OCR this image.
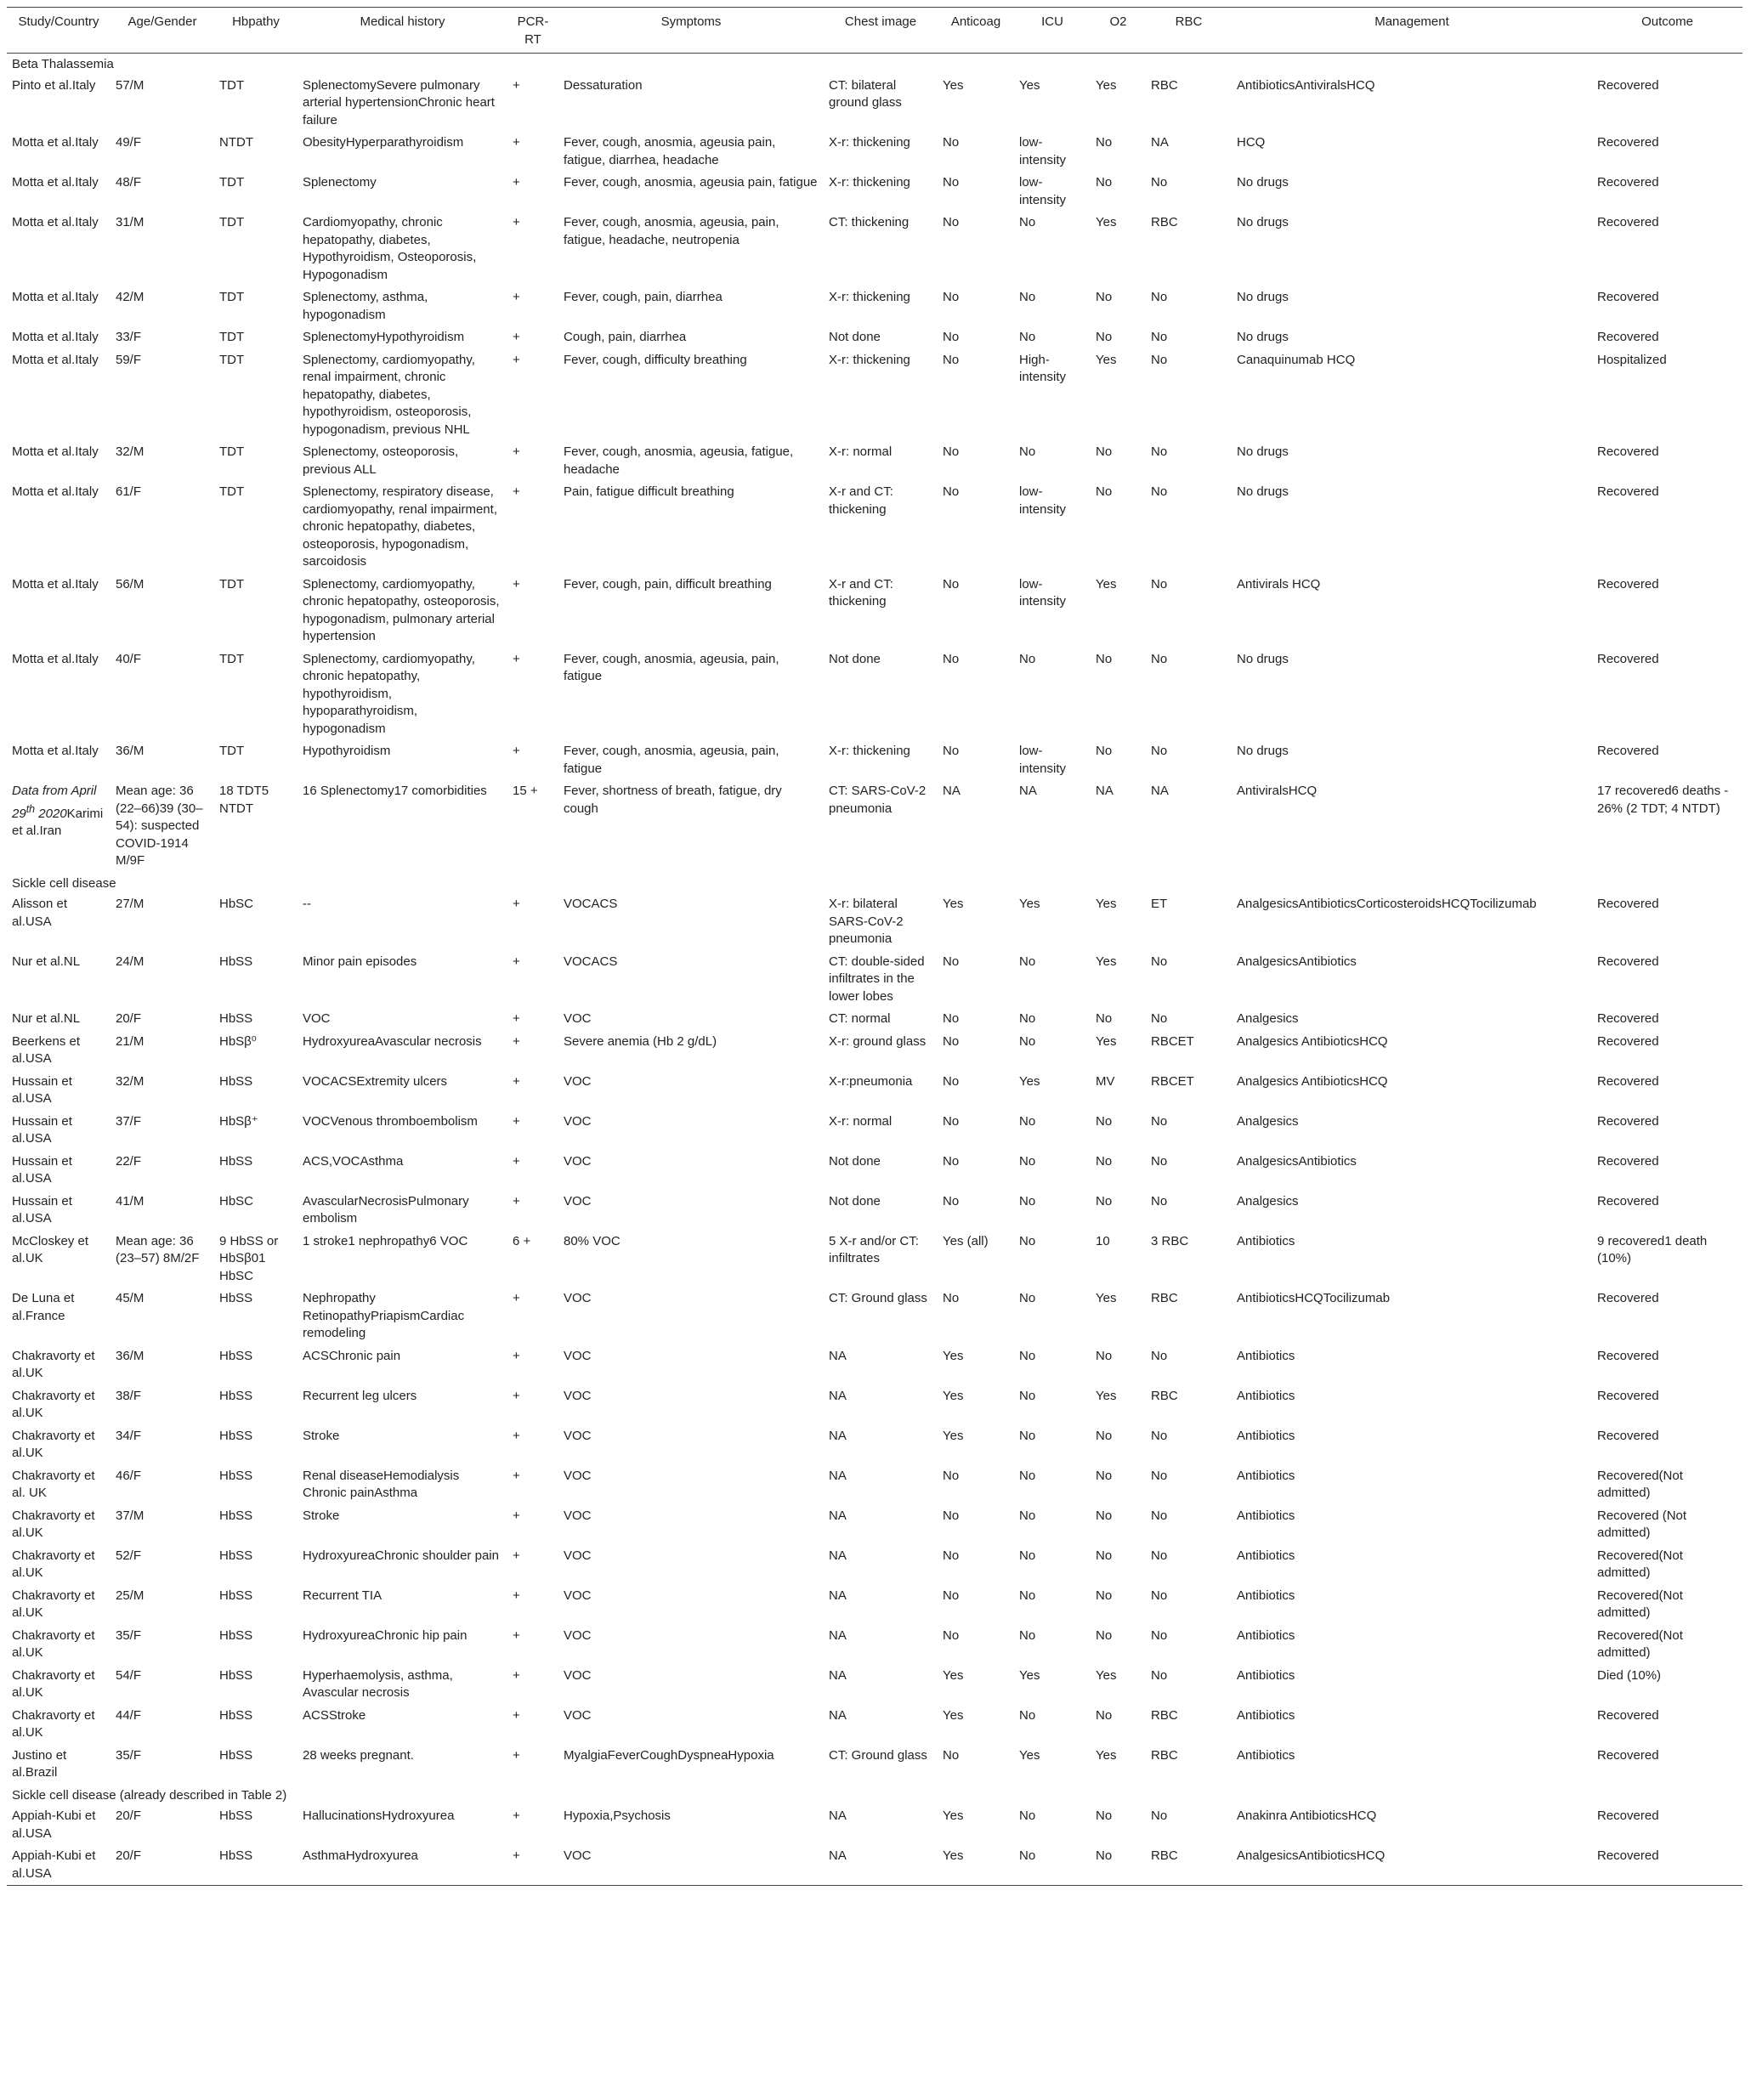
Study/Country	Age/Gender	Hbpathy	Medical history	PCR-RT	Symptoms	Chest image	Anticoag	ICU	O2	RBC	Management	Outcome
Beta Thalassemia												
Pinto et al.Italy	57/M	TDT	SplenectomySevere pulmonary arterial hypertensionChronic heart failure	+	Dessaturation	CT: bilateral ground glass	Yes	Yes	Yes	RBC	AntibioticsAntiviralsHCQ	Recovered
Motta et al.Italy	49/F	NTDT	ObesityHyperparathyroidism	+	Fever, cough, anosmia, ageusia pain, fatigue, diarrhea, headache	X-r: thickening	No	low-intensity	No	NA	HCQ	Recovered
Motta et al.Italy	48/F	TDT	Splenectomy	+	Fever, cough, anosmia, ageusia pain, fatigue	X-r: thickening	No	low-intensity	No	No	No drugs	Recovered
Motta et al.Italy	31/M	TDT	Cardiomyopathy, chronic hepatopathy, diabetes, Hypothyroidism, Osteoporosis, Hypogonadism	+	Fever, cough, anosmia, ageusia, pain, fatigue, headache, neutropenia	CT: thickening	No	No	Yes	RBC	No drugs	Recovered
Motta et al.Italy	42/M	TDT	Splenectomy, asthma, hypogonadism	+	Fever, cough, pain, diarrhea	X-r: thickening	No	No	No	No	No drugs	Recovered
Motta et al.Italy	33/F	TDT	SplenectomyHypothyroidism	+	Cough, pain, diarrhea	Not done	No	No	No	No	No drugs	Recovered
Motta et al.Italy	59/F	TDT	Splenectomy, cardiomyopathy, renal impairment, chronic hepatopathy, diabetes, hypothyroidism, osteoporosis, hypogonadism, previous NHL	+	Fever, cough, difficulty breathing	X-r: thickening	No	High-intensity	Yes	No	Canaquinumab HCQ	Hospitalized
Motta et al.Italy	32/M	TDT	Splenectomy, osteoporosis, previous ALL	+	Fever, cough, anosmia, ageusia, fatigue, headache	X-r: normal	No	No	No	No	No drugs	Recovered
Motta et al.Italy	61/F	TDT	Splenectomy, respiratory disease, cardiomyopathy, renal impairment, chronic hepatopathy, diabetes, osteoporosis, hypogonadism, sarcoidosis	+	Pain, fatigue difficult breathing	X-r and CT: thickening	No	low-intensity	No	No	No drugs	Recovered
Motta et al.Italy	56/M	TDT	Splenectomy, cardiomyopathy, chronic hepatopathy, osteoporosis, hypogonadism, pulmonary arterial hypertension	+	Fever, cough, pain, difficult breathing	X-r and CT: thickening	No	low-intensity	Yes	No	Antivirals HCQ	Recovered
Motta et al.Italy	40/F	TDT	Splenectomy, cardiomyopathy, chronic hepatopathy, hypothyroidism, hypoparathyroidism, hypogonadism	+	Fever, cough, anosmia, ageusia, pain, fatigue	Not done	No	No	No	No	No drugs	Recovered
Motta et al.Italy	36/M	TDT	Hypothyroidism	+	Fever, cough, anosmia, ageusia, pain, fatigue	X-r: thickening	No	low-intensity	No	No	No drugs	Recovered
Data from April 29th 2020Karimi et al.Iran	Mean age: 36 (22–66)39 (30–54): suspected COVID-1914 M/9F	18 TDT5 NTDT	16 Splenectomy17 comorbidities	15 +	Fever, shortness of breath, fatigue, dry cough	CT: SARS-CoV-2 pneumonia	NA	NA	NA	NA	AntiviralsHCQ	17 recovered6 deaths - 26% (2 TDT; 4 NTDT)
Sickle cell disease												
Alisson et al.USA	27/M	HbSC	--	+	VOCACS	X-r: bilateral SARS-CoV-2 pneumonia	Yes	Yes	Yes	ET	AnalgesicsAntibioticsCorticosteroidsHCQTocilizumab	Recovered
Nur et al.NL	24/M	HbSS	Minor pain episodes	+	VOCACS	CT: double-sided infiltrates in the lower lobes	No	No	Yes	No	AnalgesicsAntibiotics	Recovered
Nur et al.NL	20/F	HbSS	VOC	+	VOC	CT: normal	No	No	No	No	Analgesics	Recovered
Beerkens et al.USA	21/M	HbSβ⁰	HydroxyureaAvascular necrosis	+	Severe anemia (Hb 2 g/dL)	X-r: ground glass	No	No	Yes	RBCET	Analgesics AntibioticsHCQ	Recovered
Hussain et al.USA	32/M	HbSS	VOCACSExtremity ulcers	+	VOC	X-r:pneumonia	No	Yes	MV	RBCET	Analgesics AntibioticsHCQ	Recovered
Hussain et al.USA	37/F	HbSβ⁺	VOCVenous thromboembolism	+	VOC	X-r: normal	No	No	No	No	Analgesics	Recovered
Hussain et al.USA	22/F	HbSS	ACS,VOCAsthma	+	VOC	Not done	No	No	No	No	AnalgesicsAntibiotics	Recovered
Hussain et al.USA	41/M	HbSC	AvascularNecrosisPulmonary embolism	+	VOC	Not done	No	No	No	No	Analgesics	Recovered
McCloskey et al.UK	Mean age: 36 (23–57) 8M/2F	9 HbSS or HbSβ01 HbSC	1 stroke1 nephropathy6 VOC	6 +	80% VOC	5 X-r and/or CT: infiltrates	Yes (all)	No	10	3 RBC	Antibiotics	9 recovered1 death (10%)
De Luna et al.France	45/M	HbSS	Nephropathy RetinopathyPriapismCardiac remodeling	+	VOC	CT: Ground glass	No	No	Yes	RBC	AntibioticsHCQTocilizumab	Recovered
Chakravorty et al.UK	36/M	HbSS	ACSChronic pain	+	VOC	NA	Yes	No	No	No	Antibiotics	Recovered
Chakravorty et al.UK	38/F	HbSS	Recurrent leg ulcers	+	VOC	NA	Yes	No	Yes	RBC	Antibiotics	Recovered
Chakravorty et al.UK	34/F	HbSS	Stroke	+	VOC	NA	Yes	No	No	No	Antibiotics	Recovered
Chakravorty et al. UK	46/F	HbSS	Renal diseaseHemodialysis Chronic painAsthma	+	VOC	NA	No	No	No	No	Antibiotics	Recovered(Not admitted)
Chakravorty et al.UK	37/M	HbSS	Stroke	+	VOC	NA	No	No	No	No	Antibiotics	Recovered (Not admitted)
Chakravorty et al.UK	52/F	HbSS	HydroxyureaChronic shoulder pain	+	VOC	NA	No	No	No	No	Antibiotics	Recovered(Not admitted)
Chakravorty et al.UK	25/M	HbSS	Recurrent TIA	+	VOC	NA	No	No	No	No	Antibiotics	Recovered(Not admitted)
Chakravorty et al.UK	35/F	HbSS	HydroxyureaChronic hip pain	+	VOC	NA	No	No	No	No	Antibiotics	Recovered(Not admitted)
Chakravorty et al.UK	54/F	HbSS	Hyperhaemolysis, asthma, Avascular necrosis	+	VOC	NA	Yes	Yes	Yes	No	Antibiotics	Died (10%)
Chakravorty et al.UK	44/F	HbSS	ACSStroke	+	VOC	NA	Yes	No	No	RBC	Antibiotics	Recovered
Justino et al.Brazil	35/F	HbSS	28 weeks pregnant.	+	MyalgiaFeverCoughDyspneaHypoxia	CT: Ground glass	No	Yes	Yes	RBC	Antibiotics	Recovered
Sickle cell disease (already described in Table 2)												
Appiah-Kubi et al.USA	20/F	HbSS	HallucinationsHydroxyurea	+	Hypoxia,Psychosis	NA	Yes	No	No	No	Anakinra AntibioticsHCQ	Recovered
Appiah-Kubi et al.USA	20/F	HbSS	AsthmaHydroxyurea	+	VOC	NA	Yes	No	No	RBC	AnalgesicsAntibioticsHCQ	Recovered
